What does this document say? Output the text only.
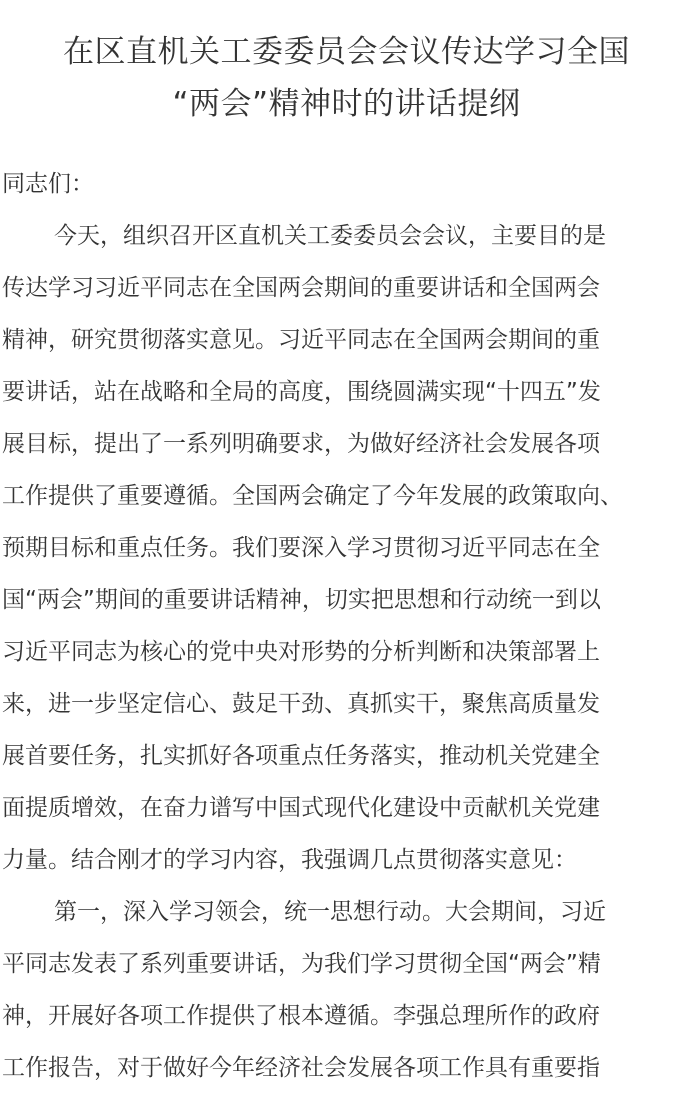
在区直机关工委委员会会议传达学习全国
“两会”精神时的讲话提纲

同志们：

今天，组织召开区直机关工委委员会会议，主要目的是
传达学习习近平同志在全国两会期间的重要讲话和全国两会
精神，研究贯彻落实意见。习近平同志在全国两会期间的重
要讲话，站在战略和全局的高度，围绕圆满实现“十四五”发
展目标，提出了一系列明确要求，为做好经济社会发展各项
工作提供了重要遵循。全国两会确定了今年发展的政策取向、
预期目标和重点任务。我们要深入学习贯彻习近平同志在全
国“两会”期间的重要讲话精神，切实把思想和行动统一到以
习近平同志为核心的党中央对形势的分析判断和决策部署上
来，进一步坚定信心、鼓足干劲、真抓实干，聚焦高质量发
展首要任务，扎实抓好各项重点任务落实，推动机关党建全
面提质增效，在奋力谱写中国式现代化建设中贡献机关党建
力量。结合刚才的学习内容，我强调几点贯彻落实意见：

第一，深入学习领会，统一思想行动。大会期间，习近
平同志发表了系列重要讲话，为我们学习贯彻全国“两会”精
神，开展好各项工作提供了根本遵循。李强总理所作的政府
工作报告，对于做好今年经济社会发展各项工作具有重要指
